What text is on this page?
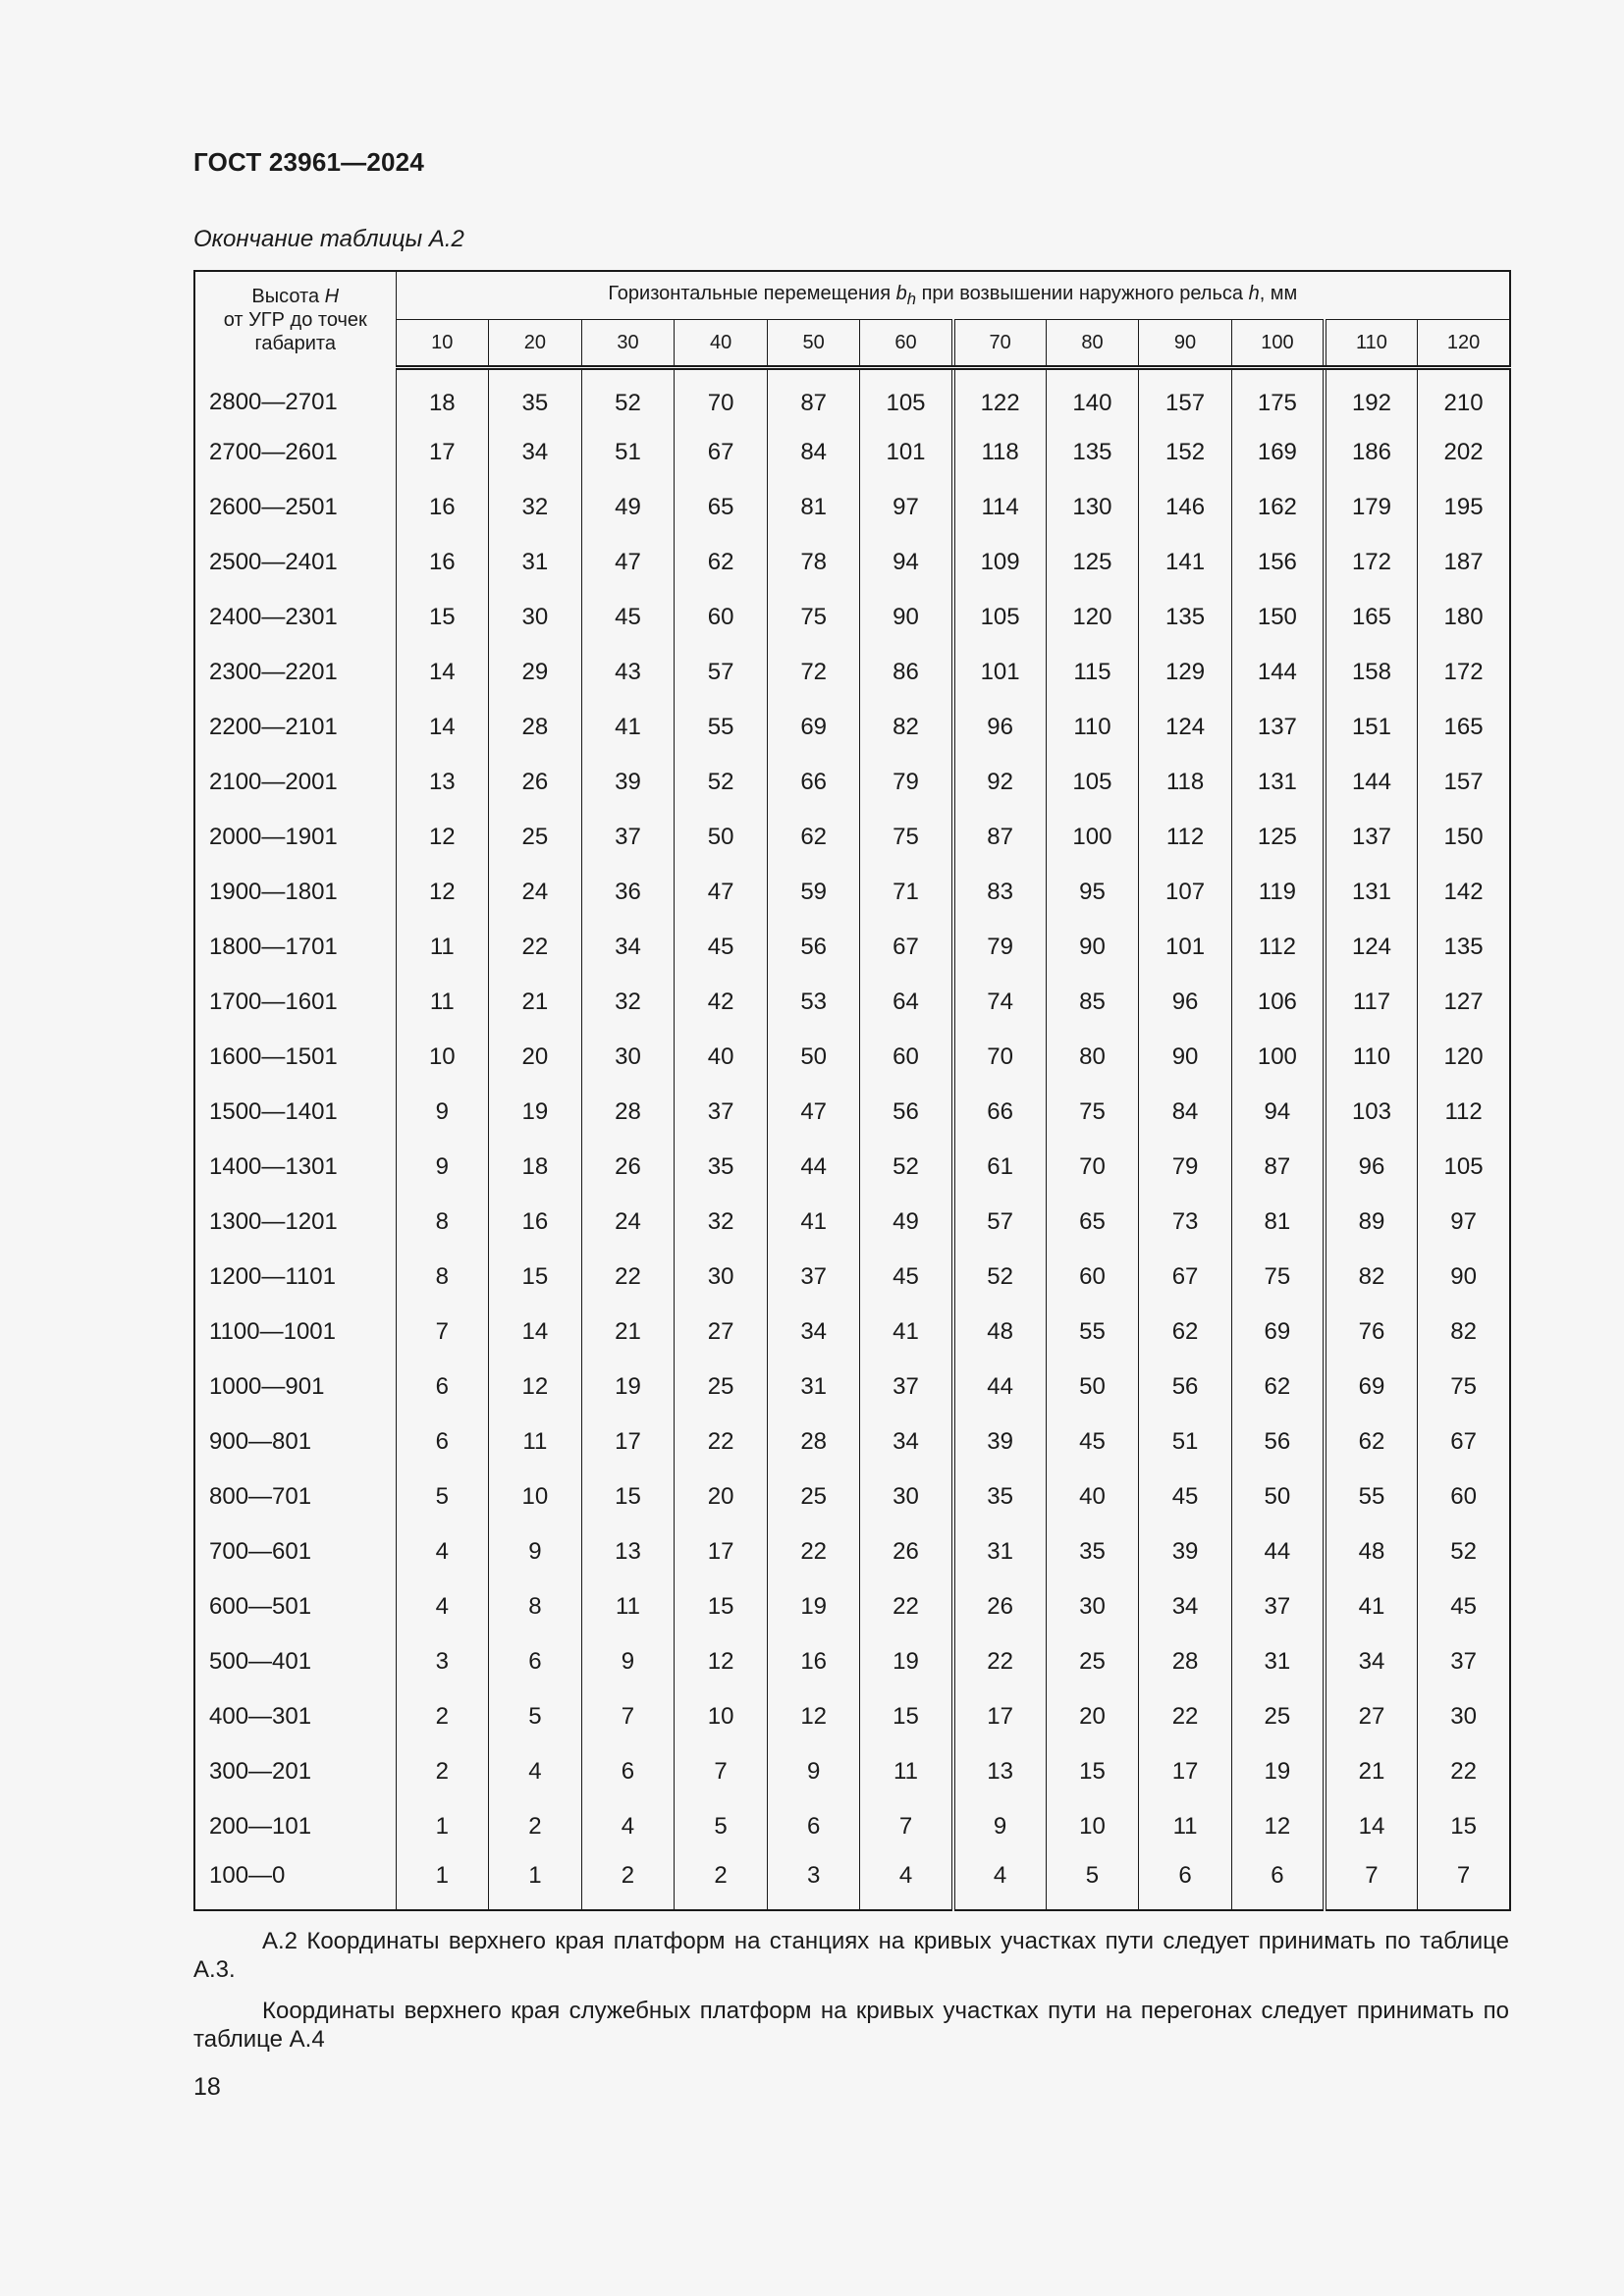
ГОСТ 23961—2024
Окончание таблицы А.2
Высота H
от УГР до точек
габарита	Горизонтальные перемещения $b_h$ при возвышении наружного рельса h, мм											
	10	20	30	40	50	60	70	80	90	100	110	120
2800—2701	18	35	52	70	87	105	122	140	157	175	192	210
2700—2601	17	34	51	67	84	101	118	135	152	169	186	202
2600—2501	16	32	49	65	81	97	114	130	146	162	179	195
2500—2401	16	31	47	62	78	94	109	125	141	156	172	187
2400—2301	15	30	45	60	75	90	105	120	135	150	165	180
2300—2201	14	29	43	57	72	86	101	115	129	144	158	172
2200—2101	14	28	41	55	69	82	96	110	124	137	151	165
2100—2001	13	26	39	52	66	79	92	105	118	131	144	157
2000—1901	12	25	37	50	62	75	87	100	112	125	137	150
1900—1801	12	24	36	47	59	71	83	95	107	119	131	142
1800—1701	11	22	34	45	56	67	79	90	101	112	124	135
1700—1601	11	21	32	42	53	64	74	85	96	106	117	127
1600—1501	10	20	30	40	50	60	70	80	90	100	110	120
1500—1401	9	19	28	37	47	56	66	75	84	94	103	112
1400—1301	9	18	26	35	44	52	61	70	79	87	96	105
1300—1201	8	16	24	32	41	49	57	65	73	81	89	97
1200—1101	8	15	22	30	37	45	52	60	67	75	82	90
1100—1001	7	14	21	27	34	41	48	55	62	69	76	82
1000—901	6	12	19	25	31	37	44	50	56	62	69	75
900—801	6	11	17	22	28	34	39	45	51	56	62	67
800—701	5	10	15	20	25	30	35	40	45	50	55	60
700—601	4	9	13	17	22	26	31	35	39	44	48	52
600—501	4	8	11	15	19	22	26	30	34	37	41	45
500—401	3	6	9	12	16	19	22	25	28	31	34	37
400—301	2	5	7	10	12	15	17	20	22	25	27	30
300—201	2	4	6	7	9	11	13	15	17	19	21	22
200—101	1	2	4	5	6	7	9	10	11	12	14	15
100—0	1	1	2	2	3	4	4	5	6	6	7	7

А.2 Координаты верхнего края платформ на станциях на кривых участках пути следует принимать по таблице А.3.

Координаты верхнего края служебных платформ на кривых участках пути на перегонах следует принимать по таблице А.4

18
